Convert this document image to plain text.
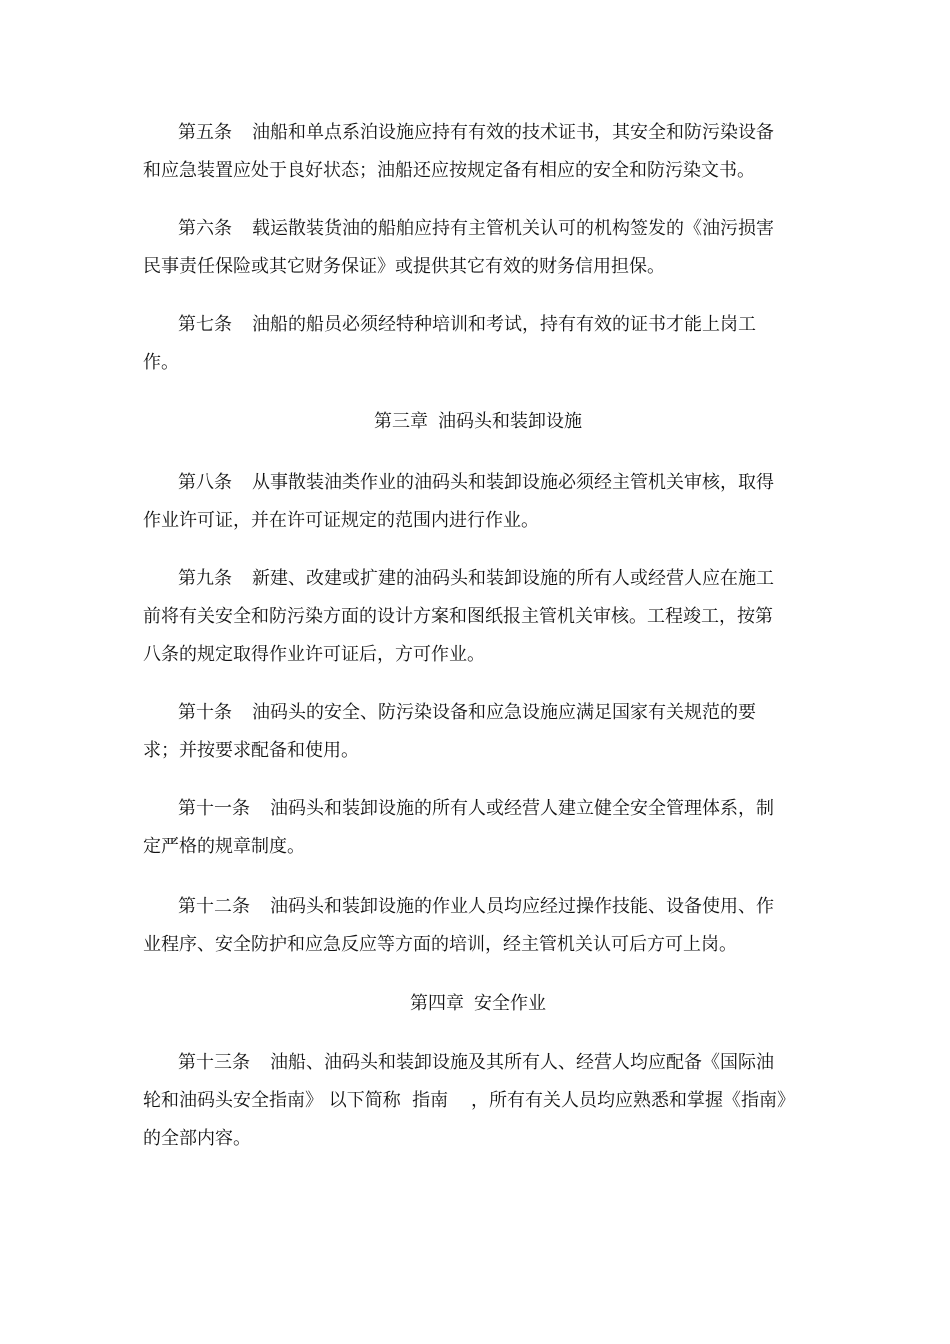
第五条 油船和单点系泊设施应持有有效的技术证书，其安全和防污染设备
和应急装置应处于良好状态；油船还应按规定备有相应的安全和防污染文书。

第六条 载运散装货油的船舶应持有主管机关认可的机构签发的《油污损害
民事责任保险或其它财务保证》或提供其它有效的财务信用担保。

第七条 油船的船员必须经特种培训和考试，持有有效的证书才能上岗工
作。

第三章 油码头和装卸设施

第八条 从事散装油类作业的油码头和装卸设施必须经主管机关审核，取得
作业许可证，并在许可证规定的范围内进行作业。

第九条 新建、改建或扩建的油码头和装卸设施的所有人或经营人应在施工
前将有关安全和防污染方面的设计方案和图纸报主管机关审核。工程竣工，按第
八条的规定取得作业许可证后，方可作业。

第十条 油码头的安全、防污染设备和应急设施应满足国家有关规范的要
求；并按要求配备和使用。

第十一条 油码头和装卸设施的所有人或经营人建立健全安全管理体系，制
定严格的规章制度。

第十二条 油码头和装卸设施的作业人员均应经过操作技能、设备使用、作
业程序、安全防护和应急反应等方面的培训，经主管机关认可后方可上岗。

第四章 安全作业

第十三条 油船、油码头和装卸设施及其所有人、经营人均应配备《国际油
轮和油码头安全指南》 以下简称  指南    ，所有有关人员均应熟悉和掌握《指南》
的全部内容。
